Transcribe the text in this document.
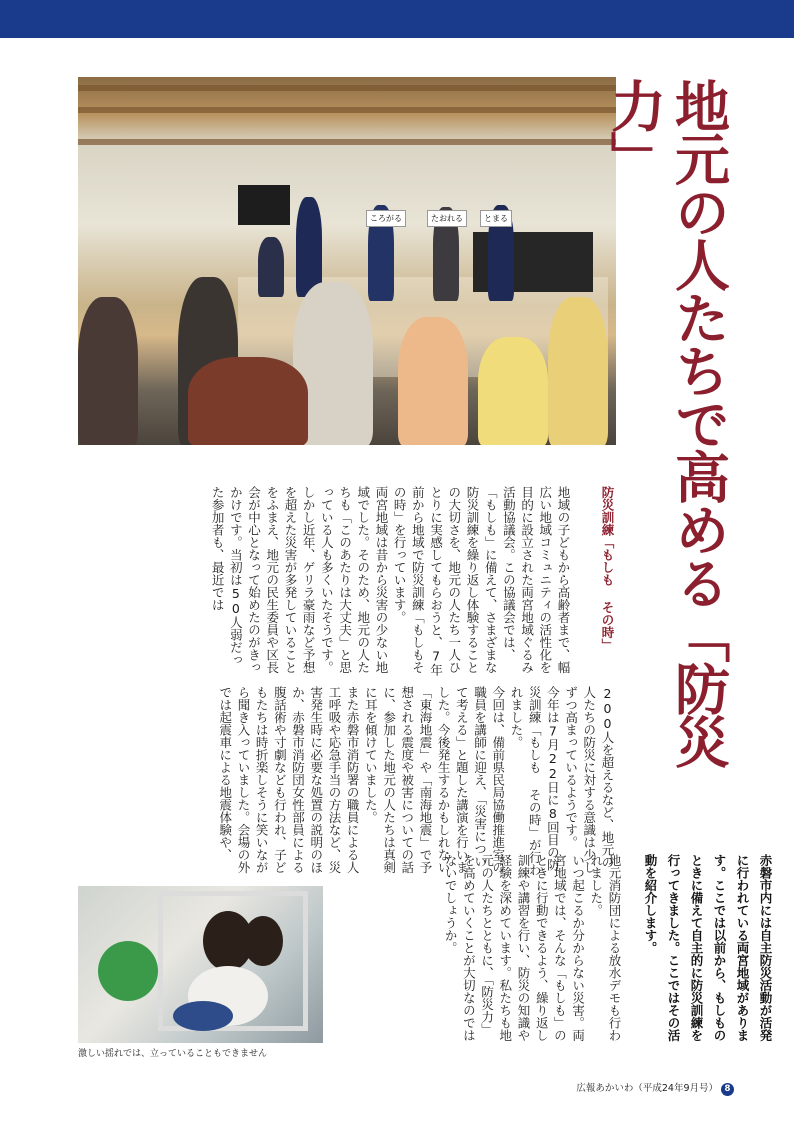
ころがる	たおれる	とまる	地元の人たちで高める「防災力」
防災訓練「もしも その時」
地域の子どもから高齢者まで、幅広い地域コミュニティの活性化を目的に設立された両宮地域ぐるみ活動協議会。この協議会では、「もしも」に備えて、さまざまな防災訓練を繰り返し体験することの大切さを、地元の人たち一人ひとりに実感してもらおうと、7年前から地域で防災訓練「もしもその時」を行っています。
両宮地域は昔から災害の少ない地域でした。そのため、地元の人たちも「このあたりは大丈夫」と思っている人も多くいたそうです。しかし近年、ゲリラ豪雨など予想を超えた災害が多発していることをふまえ、地元の民生委員や区長会が中心となって始めたのがきっかけです。当初は50人弱だった参加者も、最近では
200人を超えるなど、地元の人たちの防災に対する意識は少しずつ高まっているようです。
今年は7月22日に8回目の防災訓練「もしも その時」が行われました。
今回は、備前県民局協働推進室の職員を講師に迎え、「災害について考える」と題した講演を行いました。今後発生するかもしれない「東海地震」や「南海地震」で予想される震度や被害についての話に、参加した地元の人たちは真剣に耳を傾けていました。
また赤磐市消防署の職員による人工呼吸や応急手当の方法など、災害発生時に必要な処置の説明のほか、赤磐市消防団女性部員による腹話術や寸劇なども行われ、子どもたちは時折楽しそうに笑いながら聞き入っていました。会場の外では起震車による地震体験や、
地元消防団による放水デモも行われました。
いつ起こるか分からない災害。両宮地域では、そんな「もしも」のときに行動できるよう、繰り返し訓練や講習を行い、防災の知識や経験を深めています。私たちも地元の人たちとともに、「防災力」を高めていくことが大切なのではないでしょうか。	赤磐市内には自主防災活動が活発に行われている両宮地域があります。ここでは以前から、もしものときに備えて自主的に防災訓練を行ってきました。ここではその活動を紹介します。
激しい揺れでは、立っていることもできません
広報あかいわ（平成24年9月号） 8
